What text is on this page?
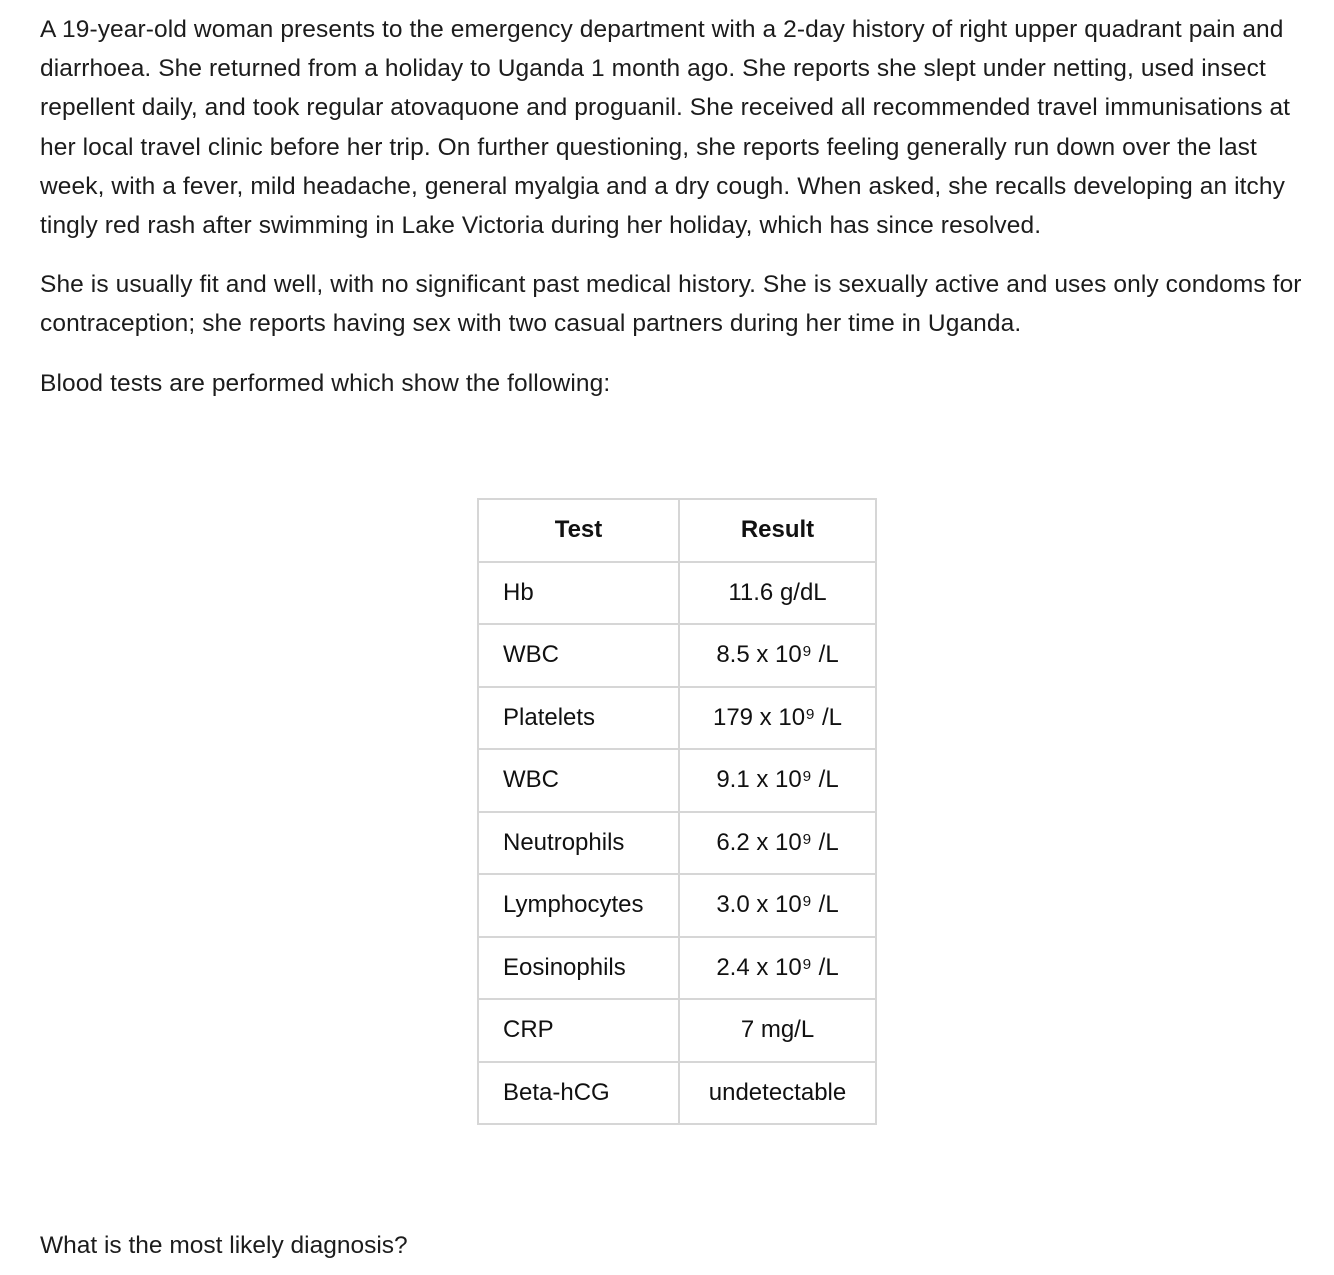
A 19-year-old woman presents to the emergency department with a 2-day history of right upper quadrant pain and diarrhoea. She returned from a holiday to Uganda 1 month ago. She reports she slept under netting, used insect repellent daily, and took regular atovaquone and proguanil. She received all recommended travel immunisations at her local travel clinic before her trip. On further questioning, she reports feeling generally run down over the last week, with a fever, mild headache, general myalgia and a dry cough. When asked, she recalls developing an itchy tingly red rash after swimming in Lake Victoria during her holiday, which has since resolved.

She is usually fit and well, with no significant past medical history. She is sexually active and uses only condoms for contraception; she reports having sex with two casual partners during her time in Uganda.

Blood tests are performed which show the following:

Test	Result
Hb	11.6 g/dL
WBC	8.5 x 10⁹ /L
Platelets	179 x 10⁹ /L
WBC	9.1 x 10⁹ /L
Neutrophils	6.2 x 10⁹ /L
Lymphocytes	3.0 x 10⁹ /L
Eosinophils	2.4 x 10⁹ /L
CRP	7 mg/L
Beta-hCG	undetectable

What is the most likely diagnosis?
